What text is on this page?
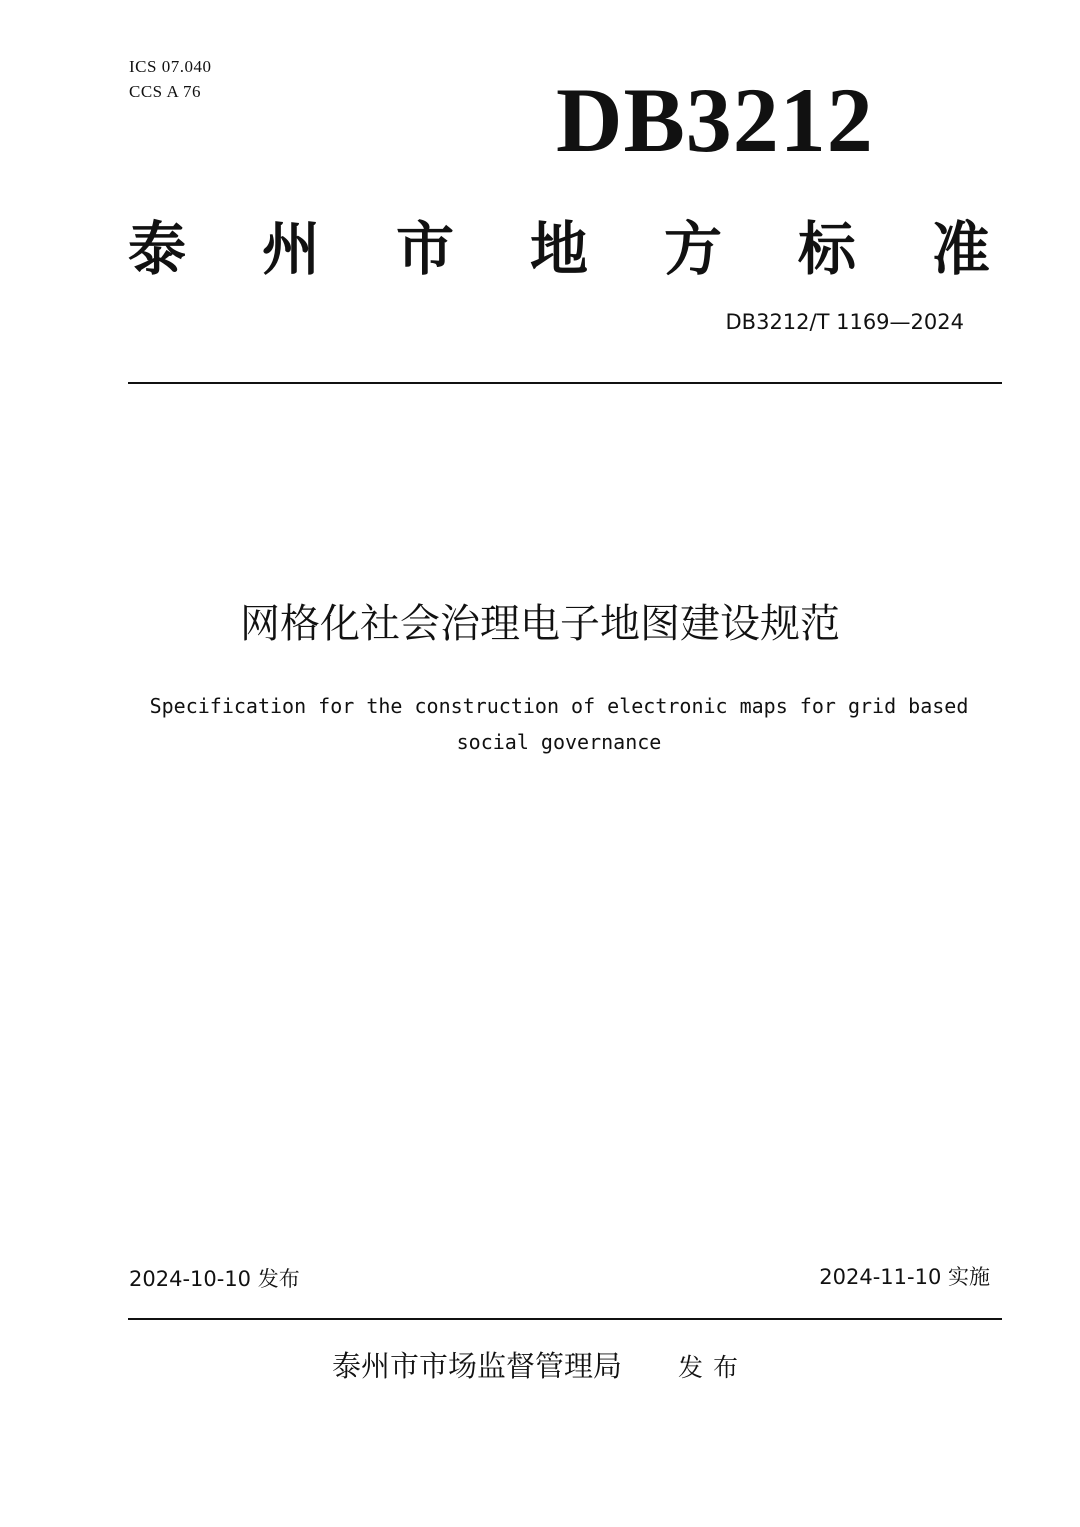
ICS 07.040
CCS A 76	DB3212
泰 州 市 地 方 标 准
DB3212/T 1169—2024
网格化社会治理电子地图建设规范
Specification for the construction of electronic maps for grid based
social governance
2024-10-10 发布	2024-11-10 实施
泰州市市场监督管理局 发布
